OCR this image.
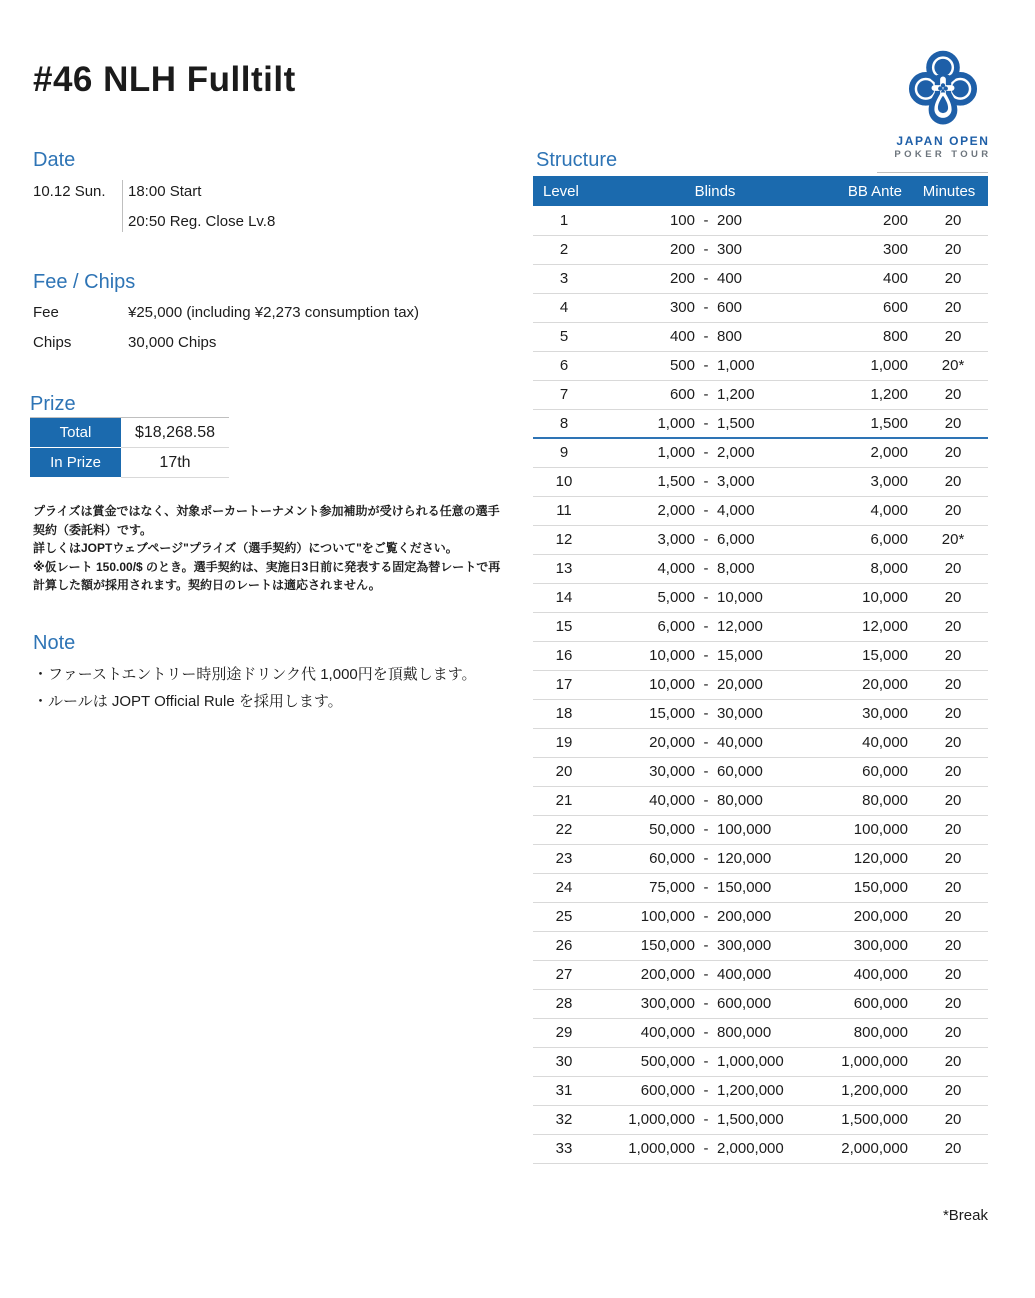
#46 NLH Fulltilt
JAPAN OPEN
POKER TOUR
Date
10.12 Sun. 18:00 Start
20:50 Reg. Close Lv.8
Fee / Chips
Fee	¥25,000 (including ¥2,273 consumption tax)
Chips	30,000 Chips
Prize
Total	$18,268.58
In Prize	17th
プライズは賞金ではなく、対象ポーカートーナメント参加補助が受けられる任意の選手契約（委託料）です。
詳しくはJOPTウェブページ"プライズ（選手契約）について"をご覧ください。
※仮レート 150.00/$ のとき。選手契約は、実施日3日前に発表する固定為替レートで再計算した額が採用されます。契約日のレートは適応されません。
Note
・ファーストエントリー時別途ドリンク代 1,000円を頂戴します。
・ルールは JOPT Official Rule を採用します。
Structure
Level	Blinds			BB Ante	Minutes
1	100	-	200	200	20
2	200	-	300	300	20
3	200	-	400	400	20
4	300	-	600	600	20
5	400	-	800	800	20
6	500	-	1,000	1,000	20*
7	600	-	1,200	1,200	20
8	1,000	-	1,500	1,500	20
9	1,000	-	2,000	2,000	20
10	1,500	-	3,000	3,000	20
11	2,000	-	4,000	4,000	20
12	3,000	-	6,000	6,000	20*
13	4,000	-	8,000	8,000	20
14	5,000	-	10,000	10,000	20
15	6,000	-	12,000	12,000	20
16	10,000	-	15,000	15,000	20
17	10,000	-	20,000	20,000	20
18	15,000	-	30,000	30,000	20
19	20,000	-	40,000	40,000	20
20	30,000	-	60,000	60,000	20
21	40,000	-	80,000	80,000	20
22	50,000	-	100,000	100,000	20
23	60,000	-	120,000	120,000	20
24	75,000	-	150,000	150,000	20
25	100,000	-	200,000	200,000	20
26	150,000	-	300,000	300,000	20
27	200,000	-	400,000	400,000	20
28	300,000	-	600,000	600,000	20
29	400,000	-	800,000	800,000	20
30	500,000	-	1,000,000	1,000,000	20
31	600,000	-	1,200,000	1,200,000	20
32	1,000,000	-	1,500,000	1,500,000	20
33	1,000,000	-	2,000,000	2,000,000	20
*Break
